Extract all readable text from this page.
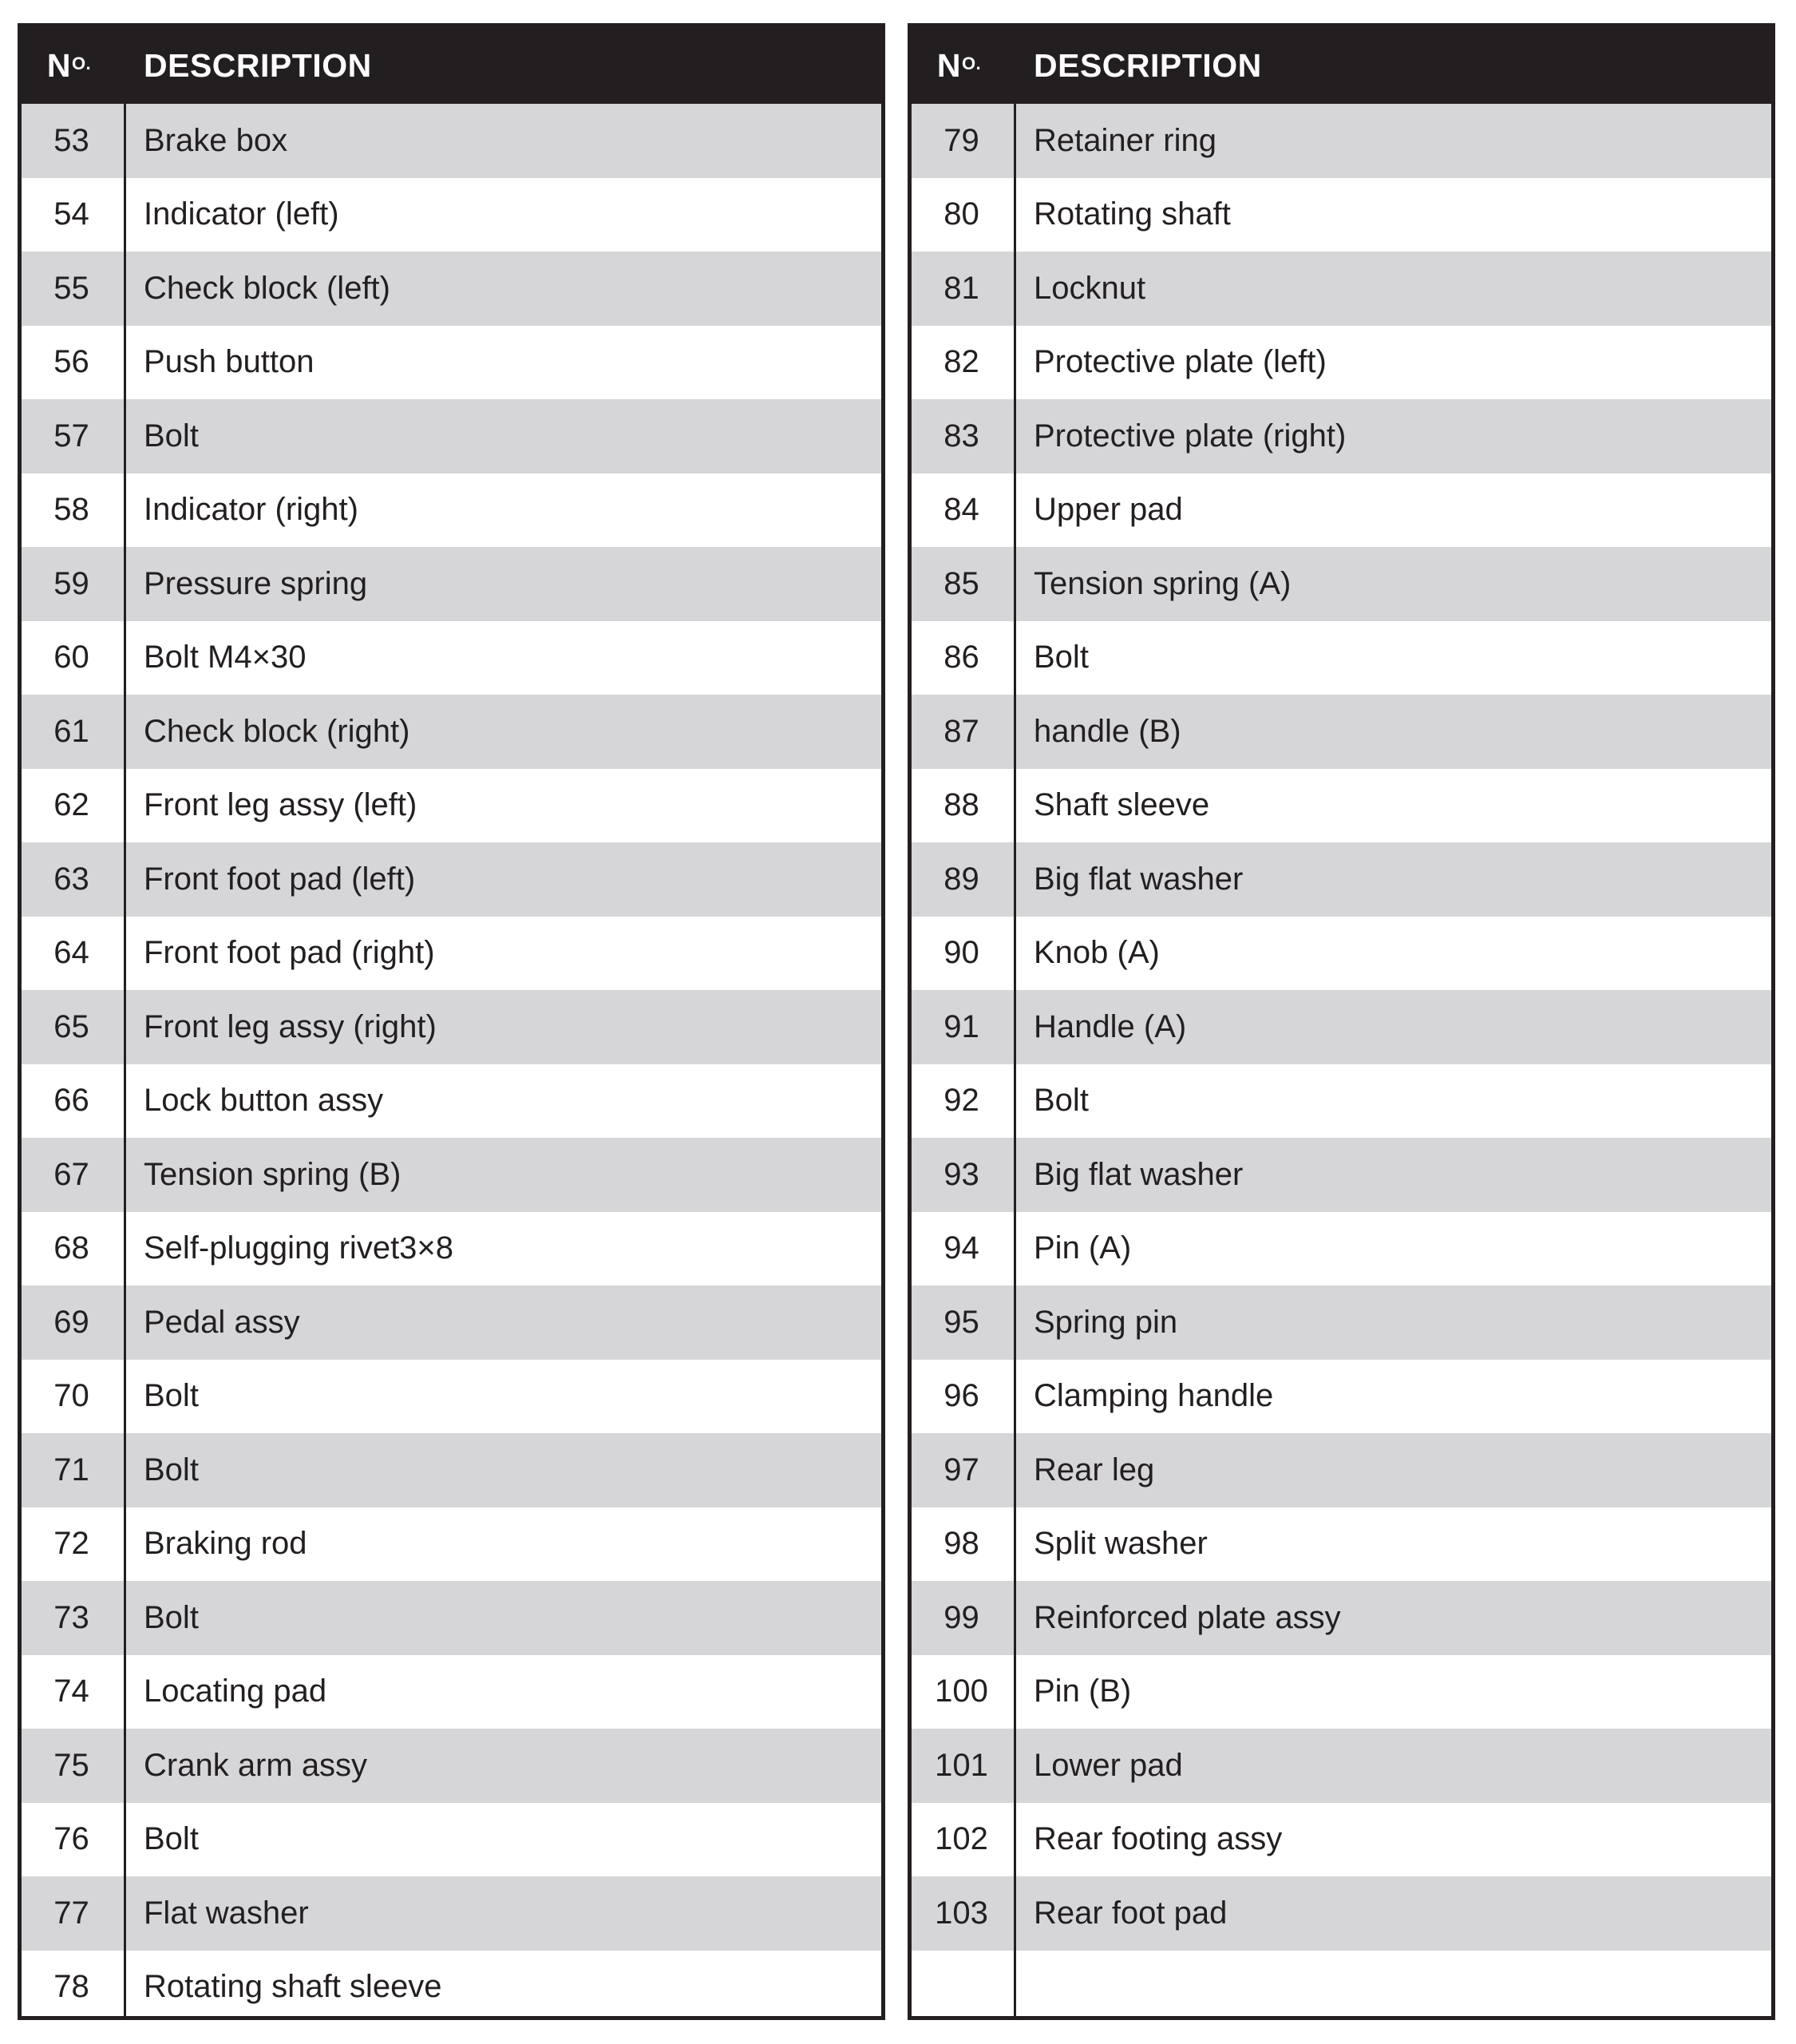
$N^{O.}$	DESCRIPTION
53	Brake box
54	Indicator (left)
55	Check block (left)
56	Push button
57	Bolt
58	Indicator (right)
59	Pressure spring
60	Bolt M4×30
61	Check block (right)
62	Front leg assy (left)
63	Front foot pad (left)
64	Front foot pad (right)
65	Front leg assy (right)
66	Lock button assy
67	Tension spring (B)
68	Self-plugging rivet3×8
69	Pedal assy
70	Bolt
71	Bolt
72	Braking rod
73	Bolt
74	Locating pad
75	Crank arm assy
76	Bolt
77	Flat washer
78	Rotating shaft sleeve
$N^{O.}$	DESCRIPTION
79	Retainer ring
80	Rotating shaft
81	Locknut
82	Protective plate (left)
83	Protective plate (right)
84	Upper pad
85	Tension spring (A)
86	Bolt
87	handle (B)
88	Shaft sleeve
89	Big flat washer
90	Knob (A)
91	Handle (A)
92	Bolt
93	Big flat washer
94	Pin (A)
95	Spring pin
96	Clamping handle
97	Rear leg
98	Split washer
99	Reinforced plate assy
100	Pin (B)
101	Lower pad
102	Rear footing assy
103	Rear foot pad
